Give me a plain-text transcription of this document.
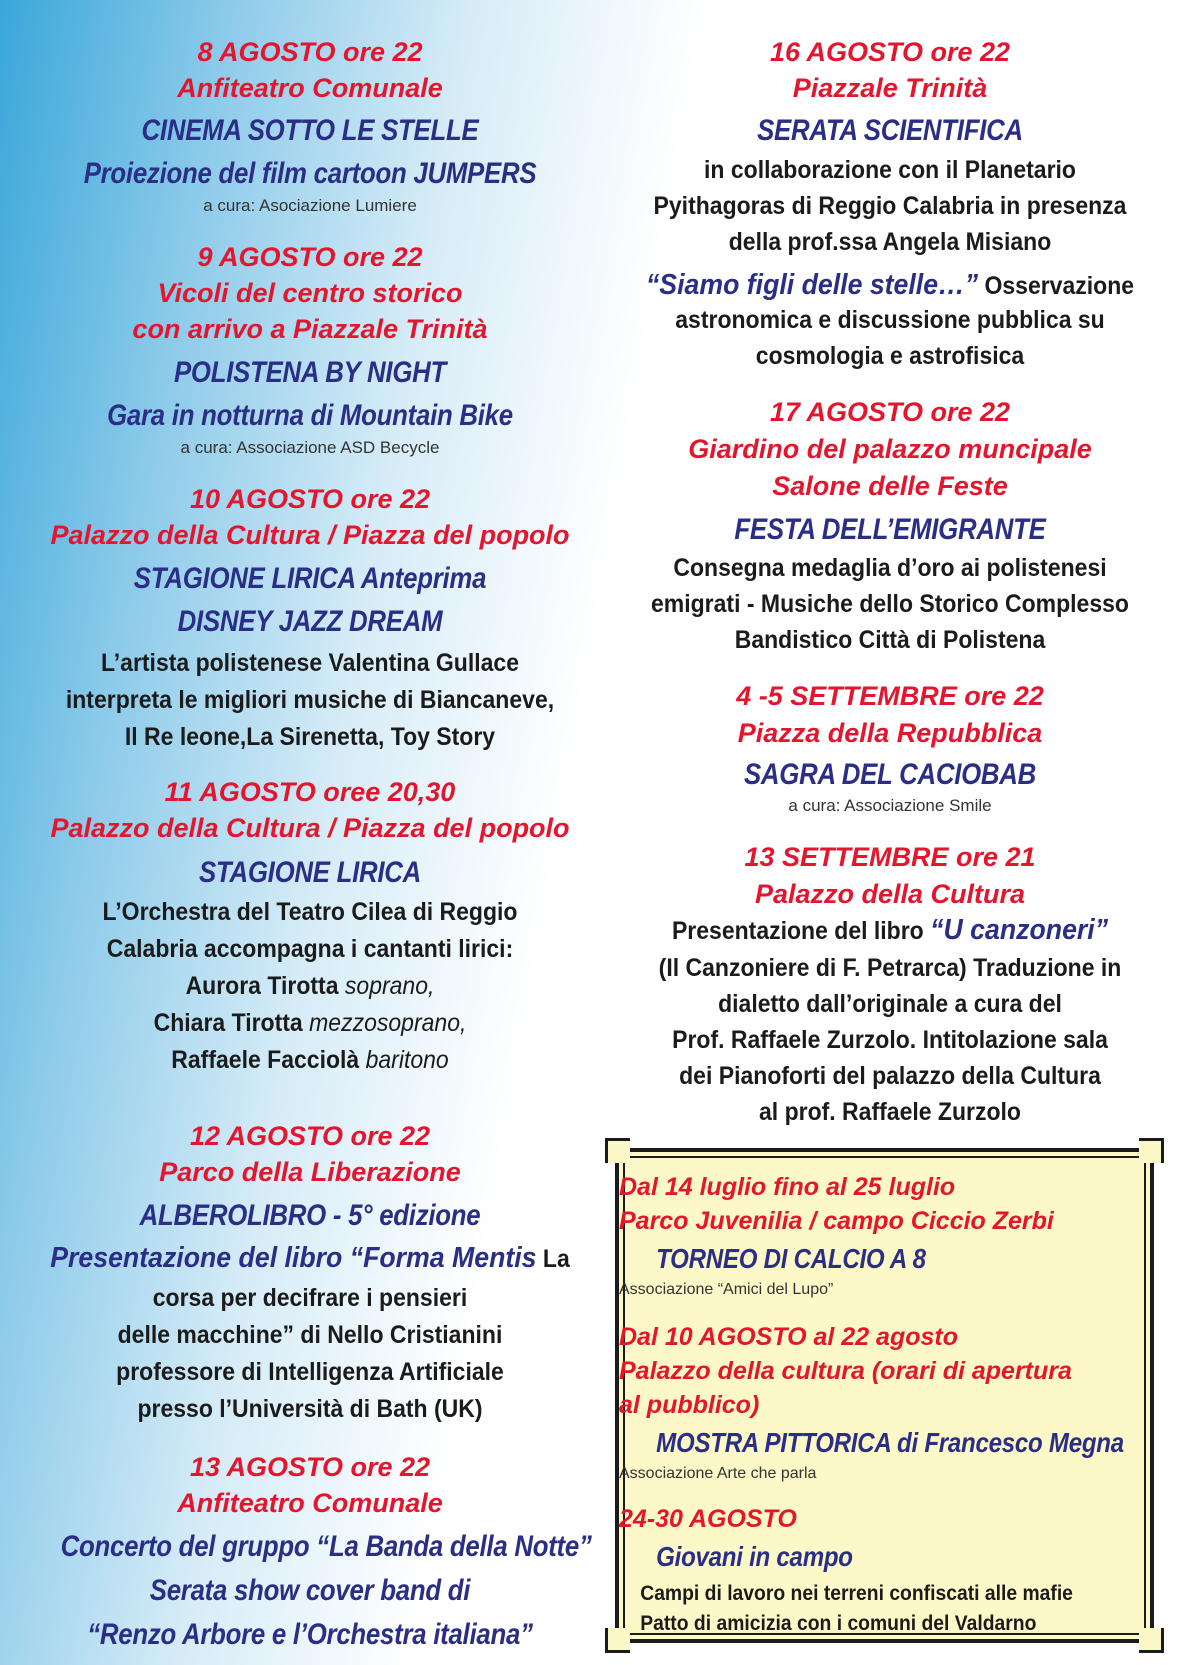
8 AGOSTO ore 22
Anfiteatro Comunale
CINEMA SOTTO LE STELLE
Proiezione del film cartoon JUMPERS
a cura: Asociazione Lumiere
9 AGOSTO ore 22
Vicoli del centro storico
con arrivo a Piazzale Trinità
POLISTENA BY NIGHT
Gara in notturna di Mountain Bike
a cura: Associazione ASD Becycle
10 AGOSTO ore 22
Palazzo della Cultura / Piazza del popolo
STAGIONE LIRICA Anteprima
DISNEY JAZZ DREAM
L’artista polistenese Valentina Gullace
interpreta le migliori musiche di Biancaneve,
Il Re leone,La Sirenetta, Toy Story
11 AGOSTO oree 20,30
Palazzo della Cultura / Piazza del popolo
STAGIONE LIRICA
L’Orchestra del Teatro Cilea di Reggio
Calabria accompagna i cantanti lirici:
Aurora Tirotta soprano,
Chiara Tirotta mezzosoprano,
Raffaele Facciolà baritono
12 AGOSTO ore 22
Parco della Liberazione
ALBEROLIBRO - 5° edizione
Presentazione del libro “Forma Mentis La
corsa per decifrare i pensieri
delle macchine” di Nello Cristianini
professore di Intelligenza Artificiale
presso l’Università di Bath (UK)
13 AGOSTO ore 22
Anfiteatro Comunale
Concerto del gruppo “La Banda della Notte”
Serata show cover band di
“Renzo Arbore e l’Orchestra italiana”
16 AGOSTO ore 22
Piazzale Trinità
SERATA SCIENTIFICA
in collaborazione con il Planetario
Pyithagoras di Reggio Calabria in presenza
della prof.ssa Angela Misiano
“Siamo figli delle stelle…” Osservazione
astronomica e discussione pubblica su
cosmologia e astrofisica
17 AGOSTO ore 22
Giardino del palazzo muncipale
Salone delle Feste
FESTA DELL’EMIGRANTE
Consegna medaglia d’oro ai polistenesi
emigrati - Musiche dello Storico Complesso
Bandistico Città di Polistena
4 -5 SETTEMBRE ore 22
Piazza della Repubblica
SAGRA DEL CACIOBAB
a cura: Associazione Smile
13 SETTEMBRE ore 21
Palazzo della Cultura
Presentazione del libro “U canzoneri”
(Il Canzoniere di F. Petrarca) Traduzione in
dialetto dall’originale a cura del
Prof. Raffaele Zurzolo. Intitolazione sala
dei Pianoforti del palazzo della Cultura
al prof. Raffaele Zurzolo
Dal 14 luglio fino al 25 luglio
Parco Juvenilia / campo Ciccio Zerbi
TORNEO DI CALCIO A 8
Associazione “Amici del Lupo”
Dal 10 AGOSTO al 22 agosto
Palazzo della cultura (orari di apertura
al pubblico)
MOSTRA PITTORICA di Francesco Megna
Associazione Arte che parla
24-30 AGOSTO
Giovani in campo
Campi di lavoro nei terreni confiscati alle mafie
Patto di amicizia con i comuni del Valdarno
